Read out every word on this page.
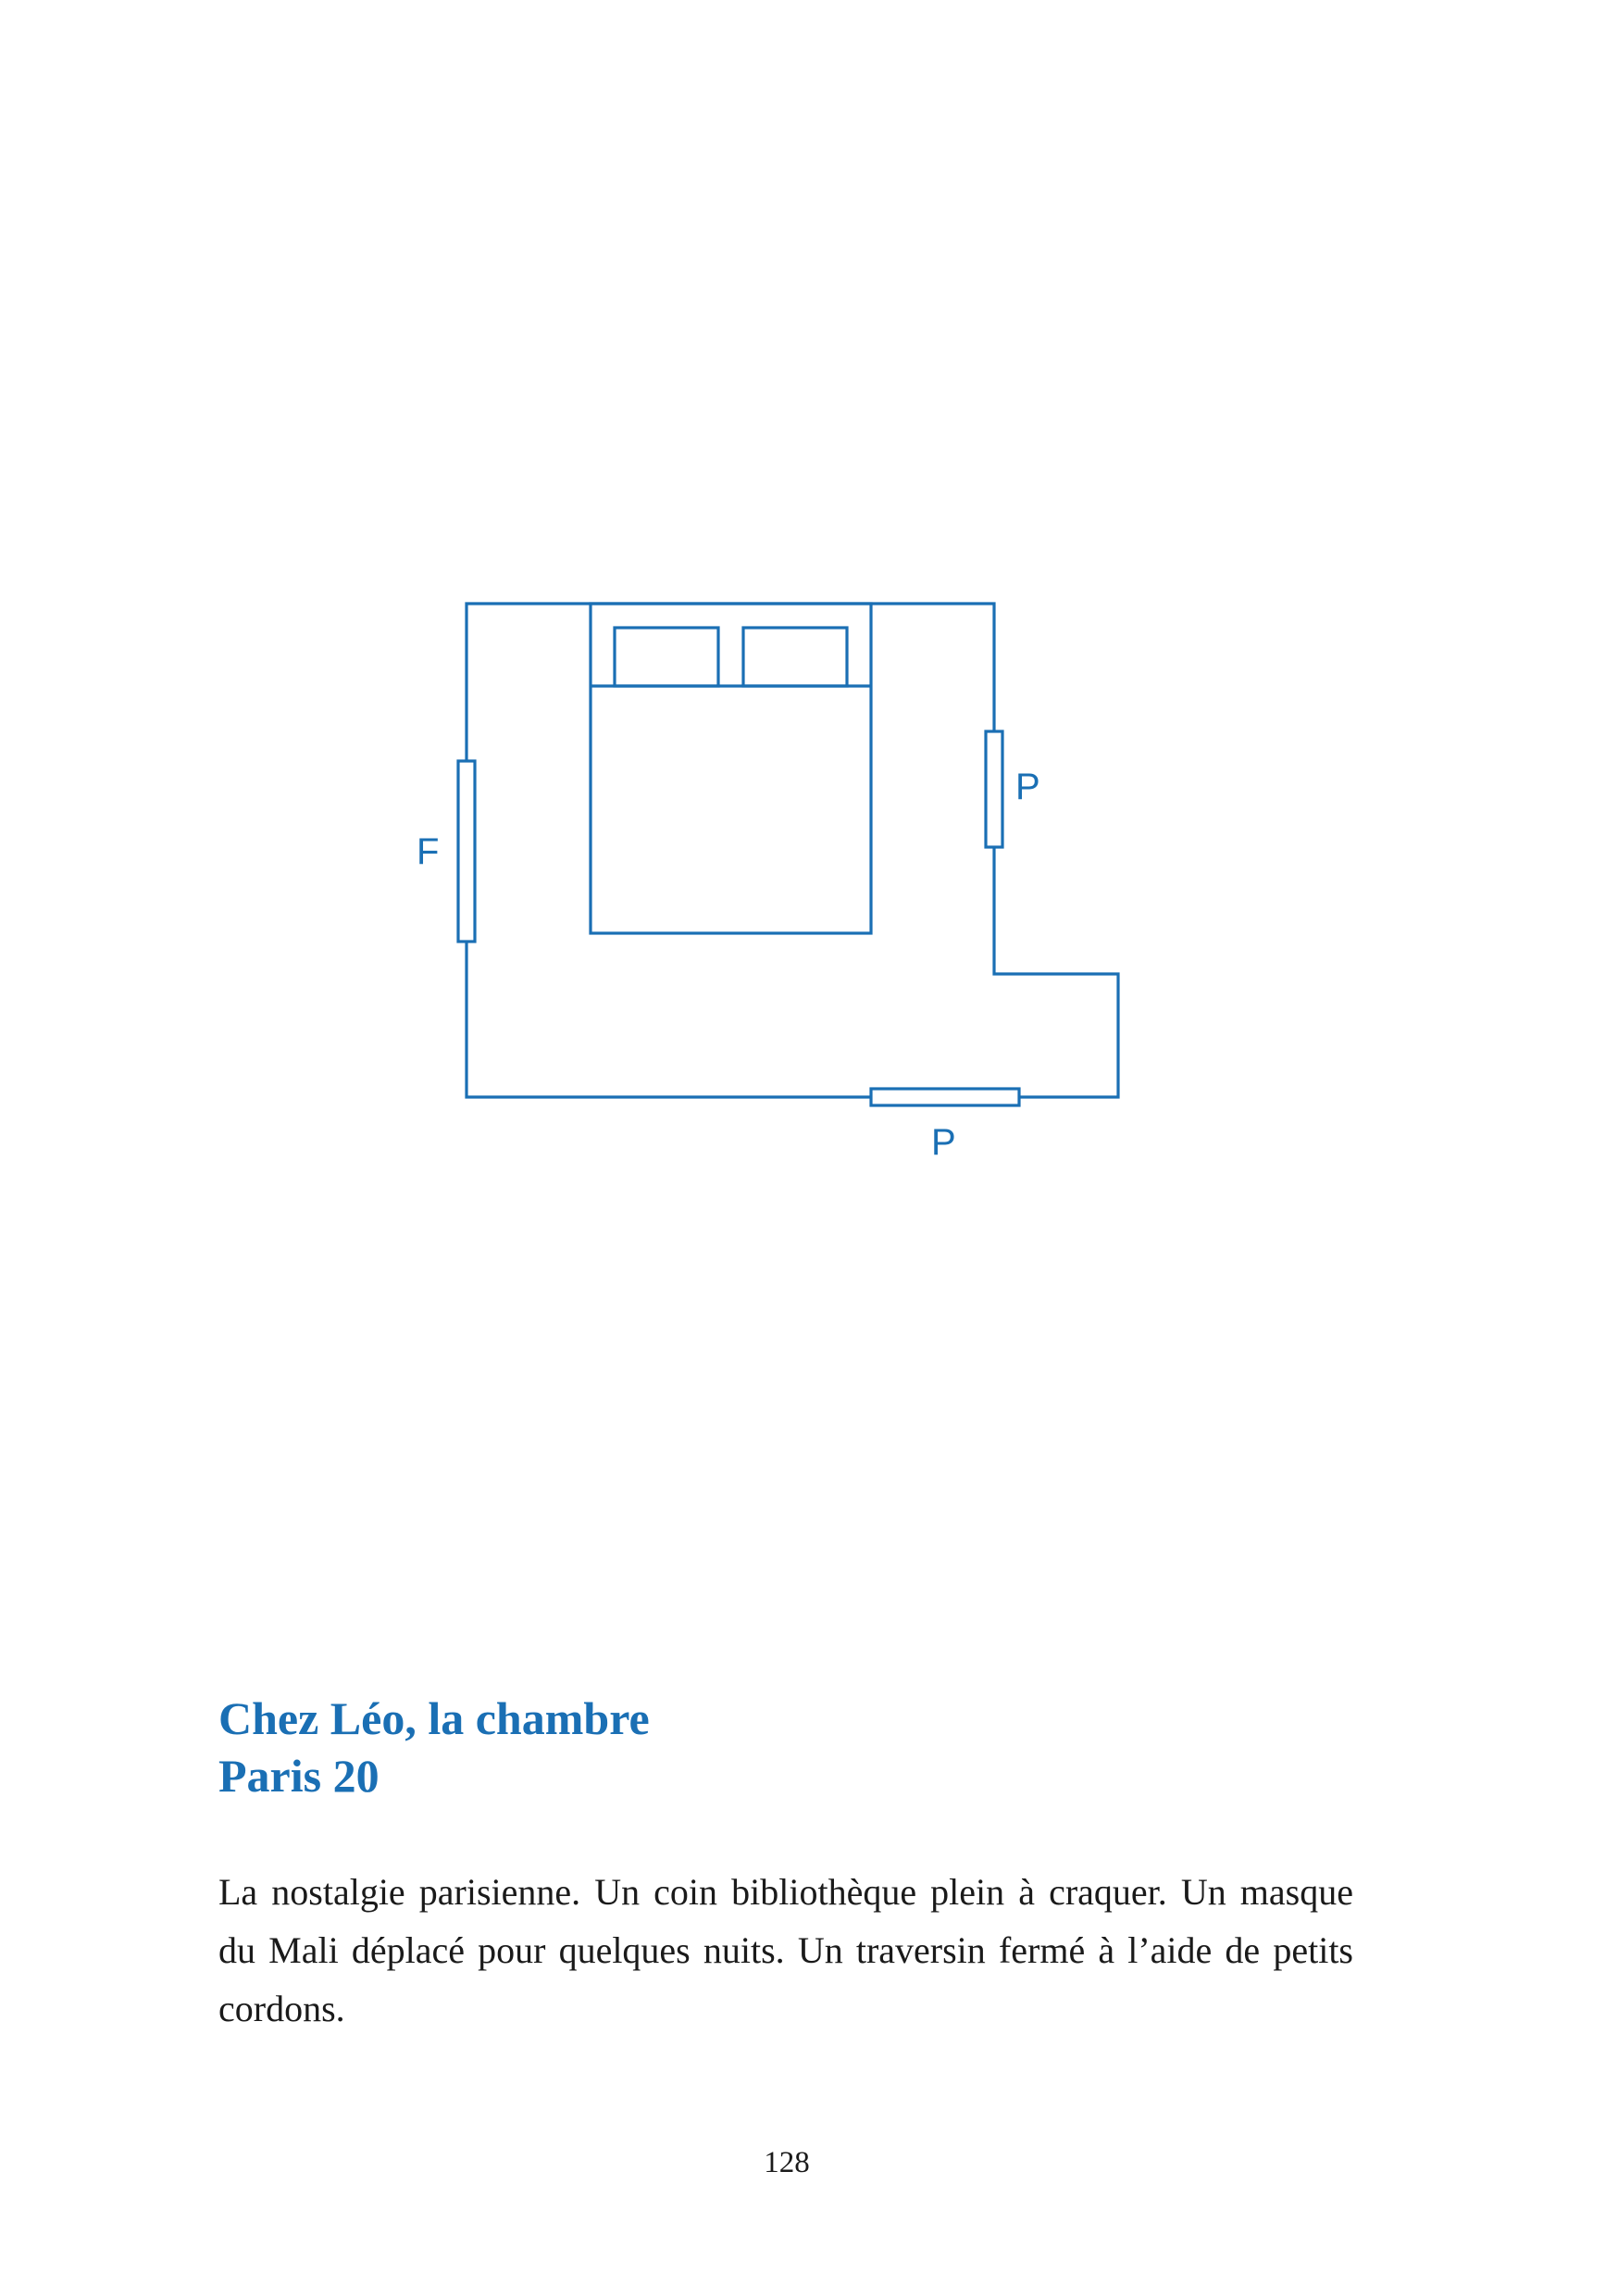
F
P
P
Chez Léo, la chambre
Paris 20

La nostalgie parisienne. Un coin bibliothèque plein à craquer. Un masque du Mali déplacé pour quelques nuits. Un traversin fermé à l’aide de petits cordons.

128
